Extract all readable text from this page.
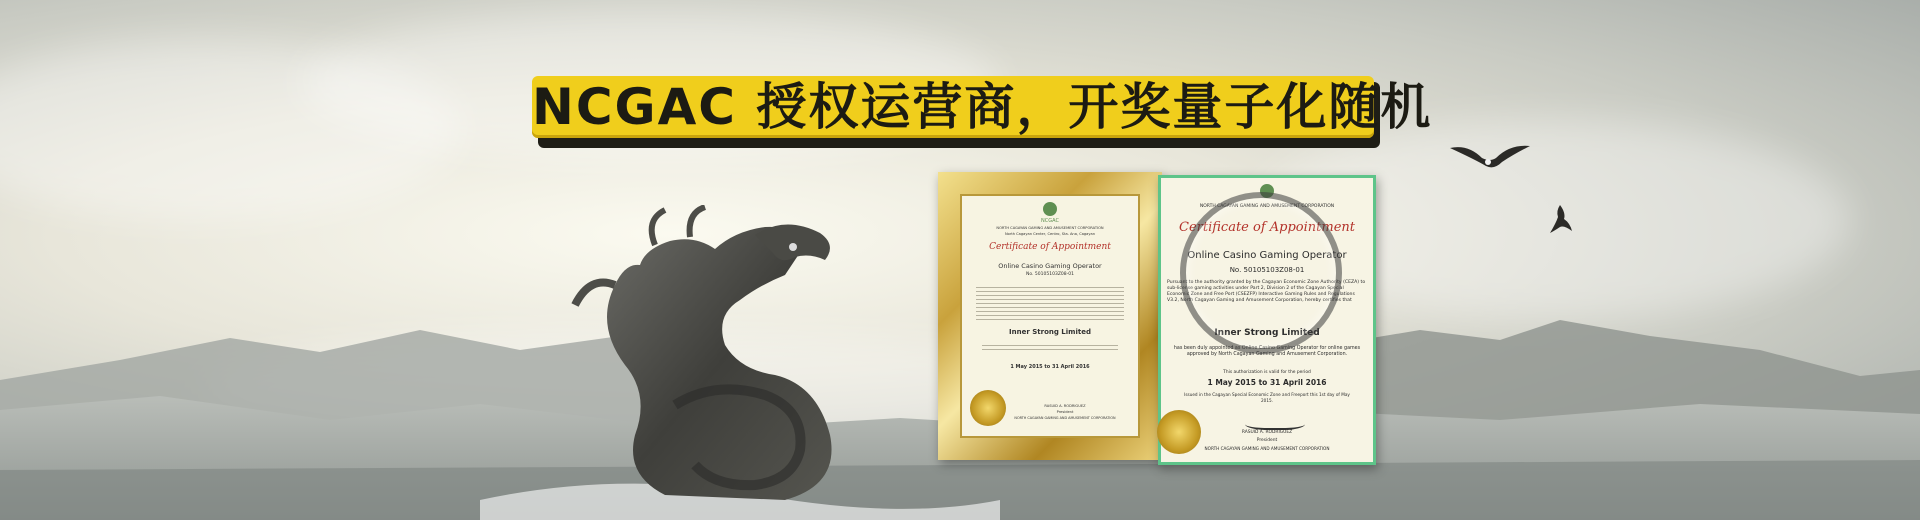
NCGAC 授权运营商，开奖量子化随机
NCGAC
NORTH CAGAYAN GAMING AND AMUSEMENT CORPORATION
North Cagayan Center, Centro, Sta. Ana, Cagayan
Certificate of Appointment
Online Casino Gaming Operator
No. 50105103Z08-01
Inner Strong Limited
1 May 2015 to 31 April 2016
RASUID A. RODRIGUEZ
President
NORTH CAGAYAN GAMING AND AMUSEMENT CORPORATION
NORTH CAGAYAN GAMING AND AMUSEMENT CORPORATION
Certificate of Appointment
Online Casino Gaming Operator
No. 50105103Z08-01
Pursuant to the authority granted by the Cagayan Economic Zone Authority (CEZA) to sub-license gaming activities under Part 2, Division 2 of the Cagayan Special Economic Zone and Free Port (CSEZFP) Interactive Gaming Rules and Regulations V3.2, North Cagayan Gaming and Amusement Corporation, hereby certifies that
Inner Strong Limited
has been duly appointed as Online Casino Gaming Operator for online games approved by North Cagayan Gaming and Amusement Corporation.
This authorization is valid for the period
1 May 2015 to 31 April 2016
Issued in the Cagayan Special Economic Zone and Freeport this 1st day of May 2015.
RASUID A. RODRIGUEZ
President
NORTH CAGAYAN GAMING AND AMUSEMENT CORPORATION
